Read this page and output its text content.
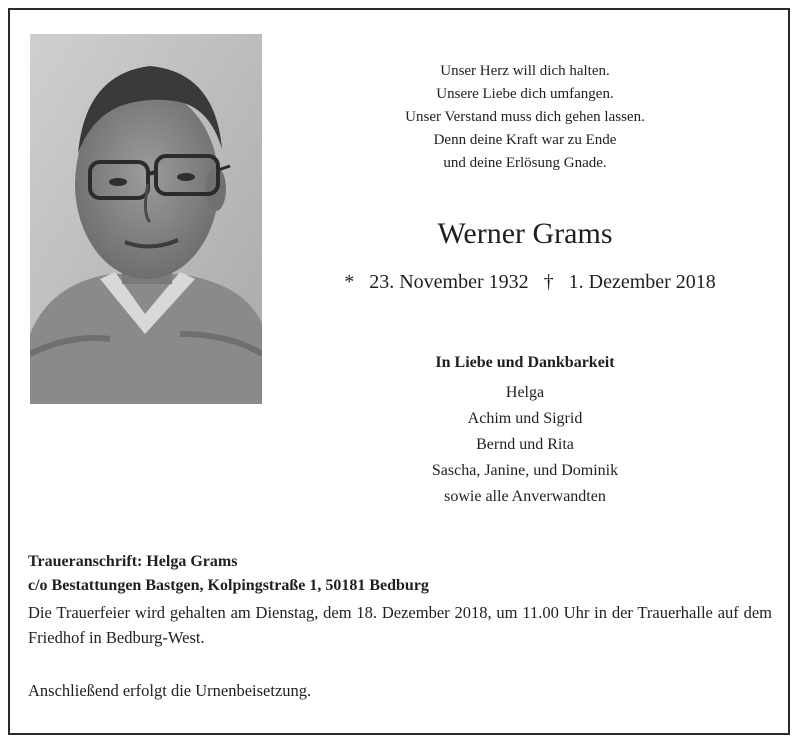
Unser Herz will dich halten.
Unsere Liebe dich umfangen.
Unser Verstand muss dich gehen lassen.
Denn deine Kraft war zu Ende
und deine Erlösung Gnade.
Werner Grams
* 23. November 1932 † 1. Dezember 2018
In Liebe und Dankbarkeit
Helga
Achim und Sigrid
Bernd und Rita
Sascha, Janine, und Dominik
sowie alle Anverwandten
Traueranschrift: Helga Grams
c/o Bestattungen Bastgen, Kolpingstraße 1, 50181 Bedburg
Die Trauerfeier wird gehalten am Dienstag, dem 18. Dezember 2018, um 11.00 Uhr in der Trauerhalle auf dem Friedhof in Bedburg-West.
Anschließend erfolgt die Urnenbeisetzung.
